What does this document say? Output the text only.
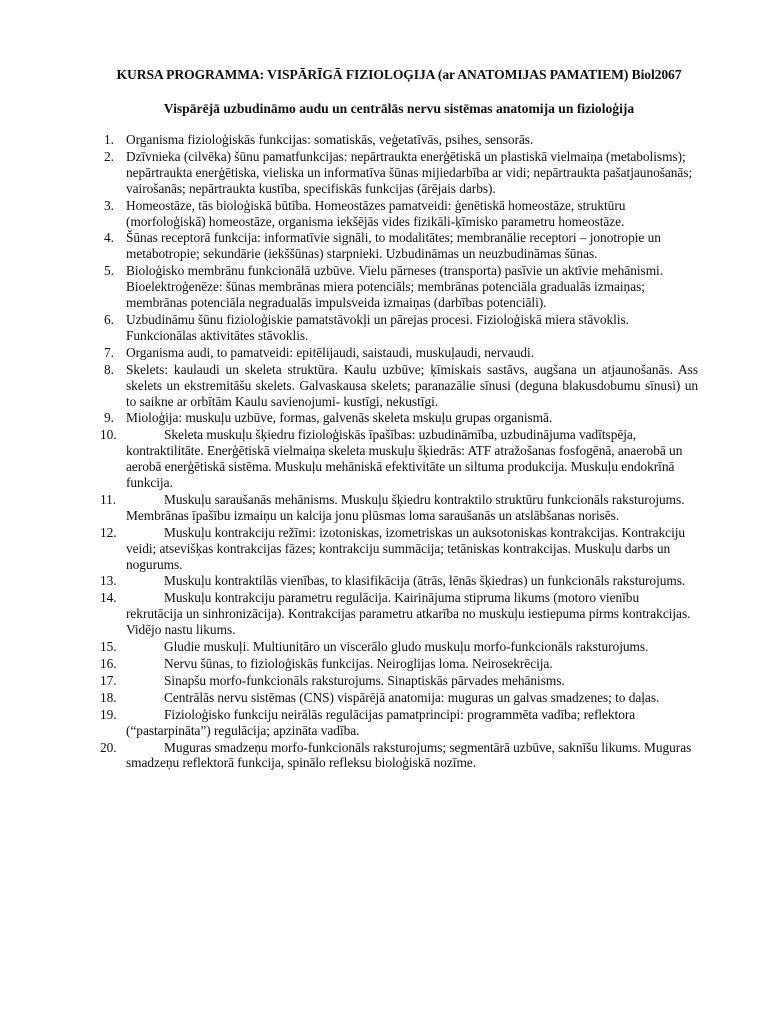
KURSA PROGRAMMA: VISPĀRĪGĀ FIZIOLOĢIJA (ar ANATOMIJAS PAMATIEM) Biol2067
Vispārējā uzbudināmo audu un centrālās nervu sistēmas anatomija un fizioloģija
1. Organisma fizioloģiskās funkcijas: somatiskās, veģetatīvās, psihes, sensorās.
2. Dzīvnieka (cilvēka) šūnu pamatfunkcijas: nepārtraukta enerģētiskā un plastiskā vielmaiņa (metabolisms); nepārtraukta enerģētiska, vieliska un informatīva šūnas mijiedarbība ar vidi; nepārtraukta pašatjaunošanās; vairošanās; nepārtraukta kustība, specifiskās funkcijas (ārējais darbs).
3. Homeostāze, tās bioloģiskā būtība. Homeostāzes pamatveidi: ģenētiskā homeostāze, struktūru (morfoloģiskā) homeostāze, organisma iekšējās vides fizikāli-ķīmisko parametru homeostāze.
4. Šūnas receptorā funkcija: informatīvie signāli, to modalitātes; membranālie receptori – jonotropie un metabotropie; sekundārie (iekššūnas) starpnieki. Uzbudināmas un neuzbudināmas šūnas.
5. Bioloģisko membrānu funkcionālā uzbūve. Vielu pārneses (transporta) pasīvie un aktīvie mehānismi. Bioelektroģenēze: šūnas membrānas miera potenciāls; membrānas potenciāla gradualās izmaiņas; membrānas potenciāla negradualās impulsveida izmaiņas (darbības potenciāli).
6. Uzbudināmu šūnu fizioloģiskie pamatstāvokļi un pārejas procesi. Fizioloģiskā miera stāvoklis. Funkcionālas aktivitātes stāvoklis.
7. Organisma audi, to pamatveidi: epitēlijaudi, saistaudi, muskuļaudi, nervaudi.
8. Skelets: kaulaudi un skeleta struktūra. Kaulu uzbūve; ķīmiskais sastāvs, augšana un atjaunošanās. Ass skelets un ekstremitāšu skelets. Galvaskausa skelets; paranazālie sīnusi (deguna blakusdobumu sīnusi) un to saikne ar orbītām Kaulu savienojumi- kustīgi, nekustīgi.
9. Mioloģija: muskuļu uzbūve, formas, galvenās skeleta mskuļu grupas organismā.
10.	Skeleta muskuļu šķiedru fizioloģiskās īpašības: uzbudināmība, uzbudinājuma vadītspēja, kontraktilitāte. Enerģētiskā vielmaiņa skeleta muskuļu šķiedrās: ATF atražošanas fosfogēnā, anaerobā un aerobā enerģētiskā sistēma. Muskuļu mehāniskā efektivitāte un siltuma produkcija. Muskuļu endokrīnā funkcija.
11.	Muskuļu saraušanās mehānisms. Muskuļu šķiedru kontraktilo struktūru funkcionāls raksturojums. Membrānas īpašību izmaiņu un kalcija jonu plūsmas loma saraušanās un atslābšanas norisēs.
12.	Muskuļu kontrakciju režīmi: izotoniskas, izometriskas un auksotoniskas kontrakcijas. Kontrakciju veidi; atsevišķas kontrakcijas fāzes; kontrakciju summācija; tetāniskas kontrakcijas. Muskuļu darbs un nogurums.
13.	Muskuļu kontraktilās vienības, to klasifikācija (ātrās, lēnās šķiedras) un funkcionāls raksturojums.
14.	Muskuļu kontrakciju parametru regulācija. Kairinājuma stipruma likums (motoro vienību rekrutācija un sinhronizācija). Kontrakcijas parametru atkarība no muskuļu iestiepuma pirms kontrakcijas. Vidējo nastu likums.
15.	Gludie muskuļi. Multiunitāro un viscerālo gludo muskuļu morfo-funkcionāls raksturojums.
16.	Nervu šūnas, to fizioloģiskās funkcijas. Neiroglijas loma. Neirosekrēcija.
17.	Sinapšu morfo-funkcionāls raksturojums. Sinaptiskās pārvades mehānisms.
18.	Centrālās nervu sistēmas (CNS) vispārējā anatomija: muguras un galvas smadzenes; to daļas.
19.	Fizioloģisko funkciju neirālās regulācijas pamatprincipi: programmēta vadība; reflektora (“pastarpināta”) regulācija; apzināta vadība.
20.	Muguras smadzeņu morfo-funkcionāls raksturojums; segmentārā uzbūve, saknīšu likums. Muguras smadzeņu reflektorā funkcija, spinālo refleksu bioloģiskā nozīme.
